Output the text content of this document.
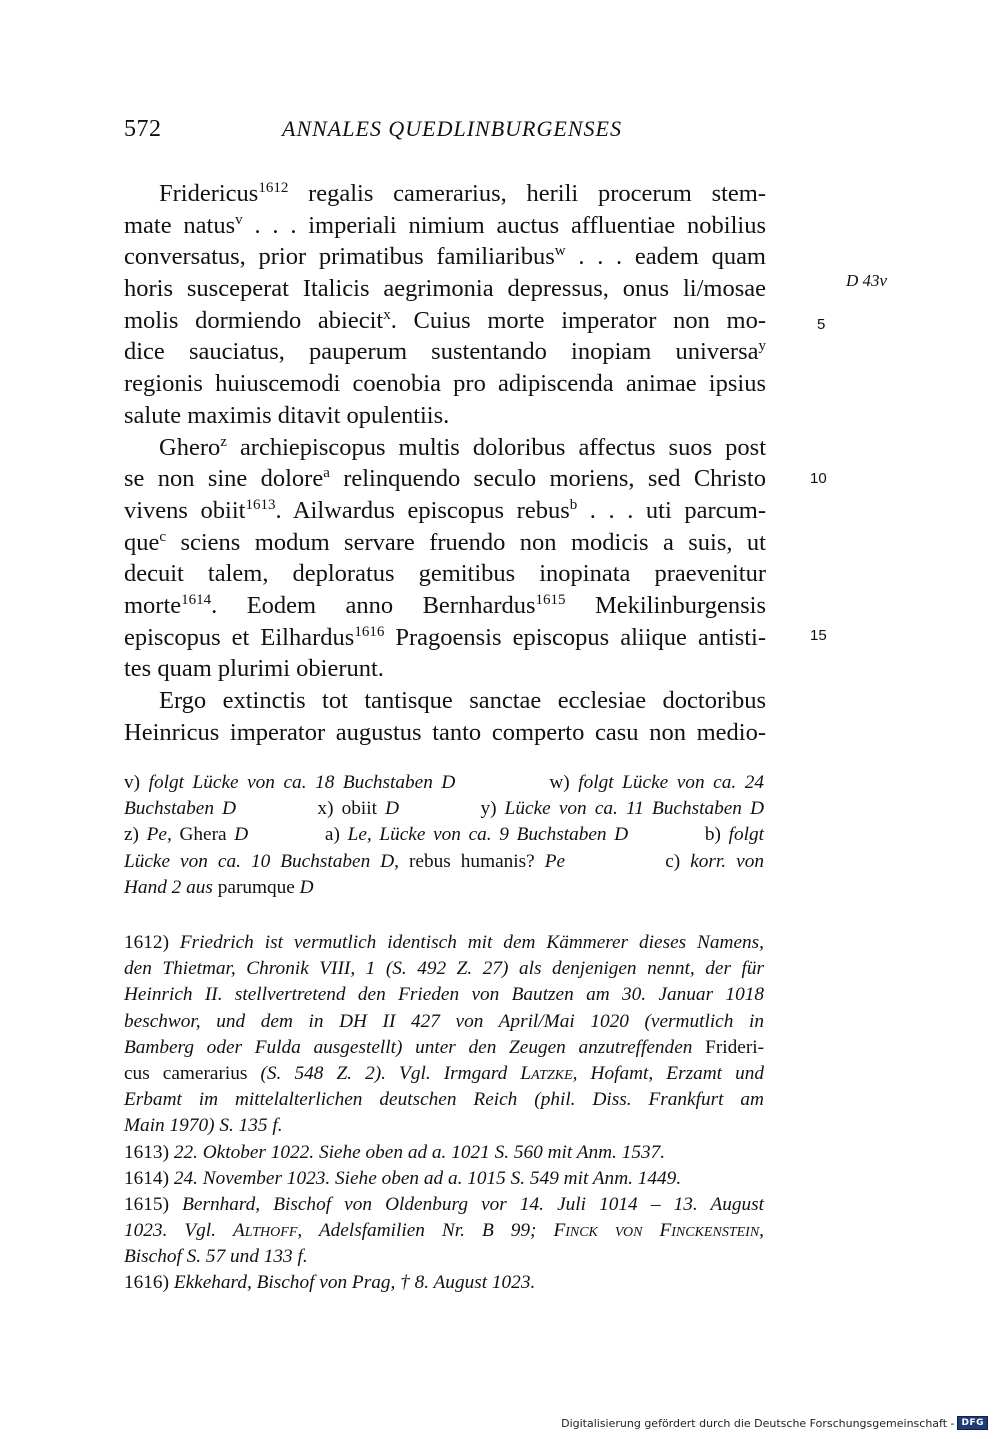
572	ANNALES QUEDLINBURGENSES
Fridericus$^{1612}$ regalis camerarius, herili procerum stem-
mate natus$^v$ . . . imperiali nimium auctus affluentiae nobilius
conversatus, prior primatibus familiaribus$^w$ . . . eadem quam
horis susceperat Italicis aegrimonia depressus, onus li/mosae
molis dormiendo abiecit$^x$. Cuius morte imperator non mo-
dice sauciatus, pauperum sustentando inopiam universa$^y$
regionis huiuscemodi coenobia pro adipiscenda animae ipsius
salute maximis ditavit opulentiis.
Ghero$^z$ archiepiscopus multis doloribus affectus suos post
se non sine dolore$^a$ relinquendo seculo moriens, sed Christo
vivens obiit$^{1613}$. Ailwardus episcopus rebus$^b$ . . . uti parcum-
que$^c$ sciens modum servare fruendo non modicis a suis, ut
decuit talem, deploratus gemitibus inopinata praevenitur
morte$^{1614}$. Eodem anno Bernhardus$^{1615}$ Mekilinburgensis
episcopus et Eilhardus$^{1616}$ Pragoensis episcopus aliique antisti-
tes quam plurimi obierunt.
Ergo extinctis tot tantisque sanctae ecclesiae doctoribus
Heinricus imperator augustus tanto comperto casu non medio-
D 43v
5
10
15
v) folgt Lücke von ca. 18 Buchstaben D           w) folgt Lücke von ca. 24
Buchstaben D          x) obiit D          y) Lücke von ca. 11 Buchstaben D
z) Pe, Ghera D          a) Le, Lücke von ca. 9 Buchstaben D          b) folgt
Lücke von ca. 10 Buchstaben D, rebus humanis? Pe          c) korr. von
Hand 2 aus parumque D
1612) Friedrich ist vermutlich identisch mit dem Kämmerer dieses Namens,
den Thietmar, Chronik VIII, 1 (S. 492 Z. 27) als denjenigen nennt, der für
Heinrich II. stellvertretend den Frieden von Bautzen am 30. Januar 1018
beschwor, und dem in DH II 427 von April/Mai 1020 (vermutlich in
Bamberg oder Fulda ausgestellt) unter den Zeugen anzutreffenden Frideri-
cus camerarius (S. 548 Z. 2). Vgl. Irmgard Latzke, Hofamt, Erzamt und
Erbamt im mittelalterlichen deutschen Reich (phil. Diss. Frankfurt am
Main 1970) S. 135 f.
1613) 22. Oktober 1022. Siehe oben ad a. 1021 S. 560 mit Anm. 1537.
1614) 24. November 1023. Siehe oben ad a. 1015 S. 549 mit Anm. 1449.
1615) Bernhard, Bischof von Oldenburg vor 14. Juli 1014 – 13. August
1023. Vgl. Althoff, Adelsfamilien Nr. B 99; Finck von Finckenstein,
Bischof S. 57 und 133 f.
1616) Ekkehard, Bischof von Prag, † 8. August 1023.
Digitalisierung gefördert durch die Deutsche Forschungsgemeinschaft - DFG
